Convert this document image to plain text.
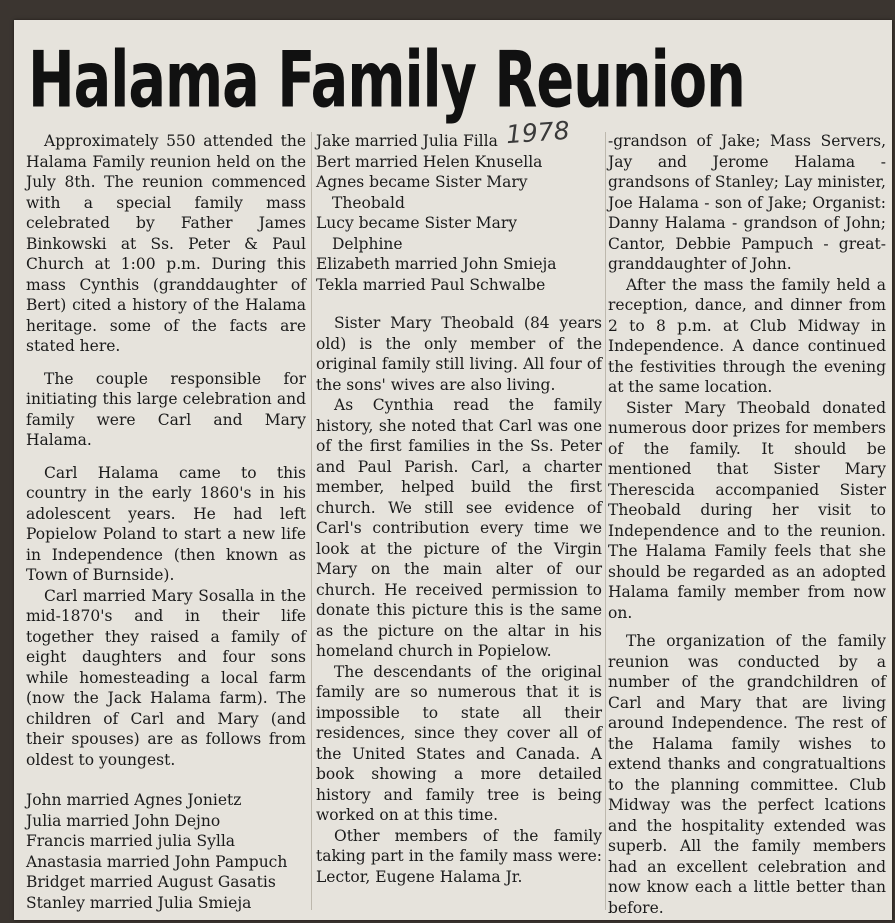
Halama Family Reunion
1978

Approximately 550 attended the Halama Family reunion held on the July 8th. The reunion commenced with a special family mass celebrated by Father James Binkowski at Ss. Peter & Paul Church at 1:00 p.m. During this mass Cynthis (granddaughter of Bert) cited a history of the Halama heritage. some of the facts are stated here.

The couple responsible for initiating this large celebration and family were Carl and Mary Halama.

Carl Halama came to this country in the early 1860's in his adolescent years. He had left Popielow Poland to start a new life in Independence (then known as Town of Burnside).

Carl married Mary Sosalla in the mid-1870's and in their life together they raised a family of eight daughters and four sons while homesteading a local farm (now the Jack Halama farm). The children of Carl and Mary (and their spouses) are as follows from oldest to youngest.

John married Agnes Jonietz
Julia married John Dejno
Francis married julia Sylla
Anastasia married John Pampuch
Bridget married August Gasatis
Stanley married Julia Smieja
Jake married Julia Filla
Bert married Helen Knusella
Agnes became Sister Mary
Theobald
Lucy became Sister Mary
Delphine
Elizabeth married John Smieja
Tekla married Paul Schwalbe

Sister Mary Theobald (84 years old) is the only member of the original family still living. All four of the sons' wives are also living.

As Cynthia read the family history, she noted that Carl was one of the first families in the Ss. Peter and Paul Parish. Carl, a charter member, helped build the first church. We still see evidence of Carl's contribution every time we look at the picture of the Virgin Mary on the main alter of our church. He received permission to donate this picture this is the same as the picture on the altar in his homeland church in Popielow.

The descendants of the original family are so numerous that it is impossible to state all their residences, since they cover all of the United States and Canada. A book showing a more detailed history and family tree is being worked on at this time.

Other members of the family taking part in the family mass were: Lector, Eugene Halama Jr.

-grandson of Jake; Mass Servers, Jay and Jerome Halama - grandsons of Stanley; Lay minister, Joe Halama - son of Jake; Organist: Danny Halama - grandson of John; Cantor, Debbie Pampuch - great-granddaughter of John.

After the mass the family held a reception, dance, and dinner from 2 to 8 p.m. at Club Midway in Independence. A dance continued the festivities through the evening at the same location.

Sister Mary Theobald donated numerous door prizes for members of the family. It should be mentioned that Sister Mary Therescida accompanied Sister Theobald during her visit to Independence and to the reunion. The Halama Family feels that she should be regarded as an adopted Halama family member from now on.

The organization of the family reunion was conducted by a number of the grandchildren of Carl and Mary that are living around Independence. The rest of the Halama family wishes to extend thanks and congratualtions to the planning committee. Club Midway was the perfect lcations and the hospitality extended was superb. All the family members had an excellent celebration and now know each a little better than before.
